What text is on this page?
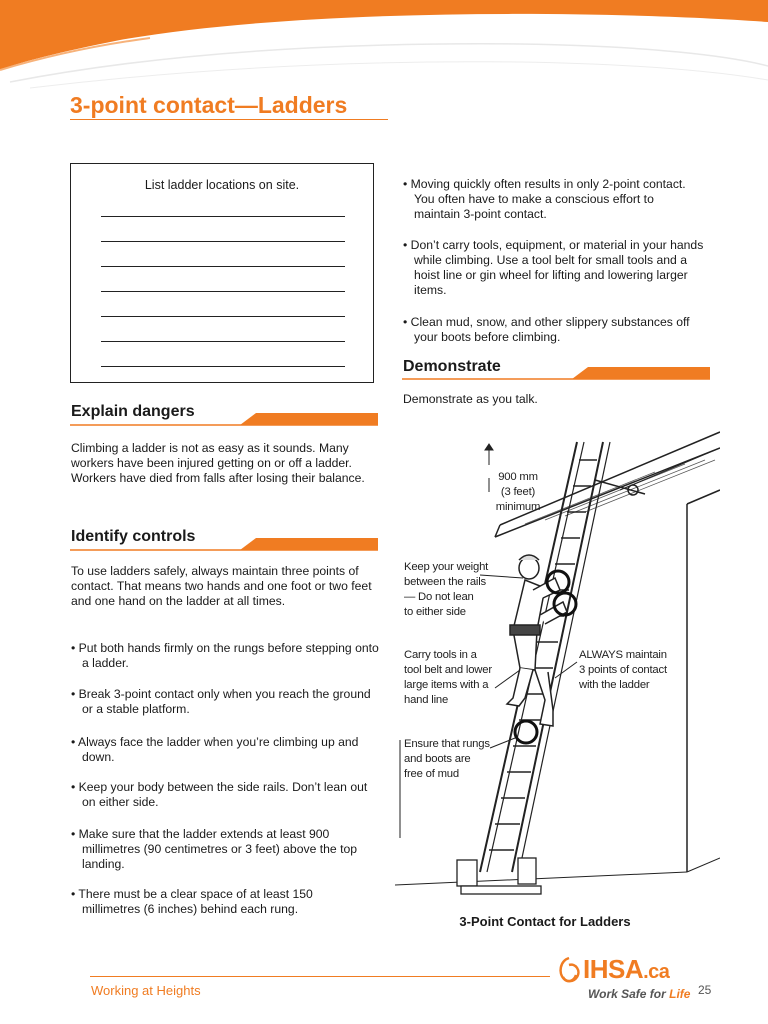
3-point contact—Ladders
List ladder locations on site.
Explain dangers
Climbing a ladder is not as easy as it sounds. Many workers have been injured getting on or off a ladder. Workers have died from falls after losing their balance.
Identify controls
To use ladders safely, always maintain three points of contact. That means two hands and one foot or two feet and one hand on the ladder at all times.
• Put both hands firmly on the rungs before stepping onto a ladder.
• Break 3-point contact only when you reach the ground or a stable platform.
• Always face the ladder when you’re climbing up and down.
• Keep your body between the side rails. Don’t lean out on either side.
• Make sure that the ladder extends at least 900 millimetres (90 centimetres or 3 feet) above the top landing.
• There must be a clear space of at least 150 millimetres (6 inches) behind each rung.
• Moving quickly often results in only 2-point contact. You often have to make a conscious effort to maintain 3-point contact.
• Don’t carry tools, equipment, or material in your hands while climbing. Use a tool belt for small tools and a hoist line or gin wheel for lifting and lowering larger items.
• Clean mud, snow, and other slippery substances off your boots before climbing.
Demonstrate
Demonstrate as you talk.
900 mm
(3 feet)
minimum
Keep your weight
between the rails
— Do not lean
to either side
Carry tools in a
tool belt and lower
large items with a
hand line
Ensure that rungs
and boots are
free of mud
ALWAYS maintain
3 points of contact
with the ladder
3-Point Contact for Ladders
Working at Heights
IHSA.ca
Work Safe for Life 25
